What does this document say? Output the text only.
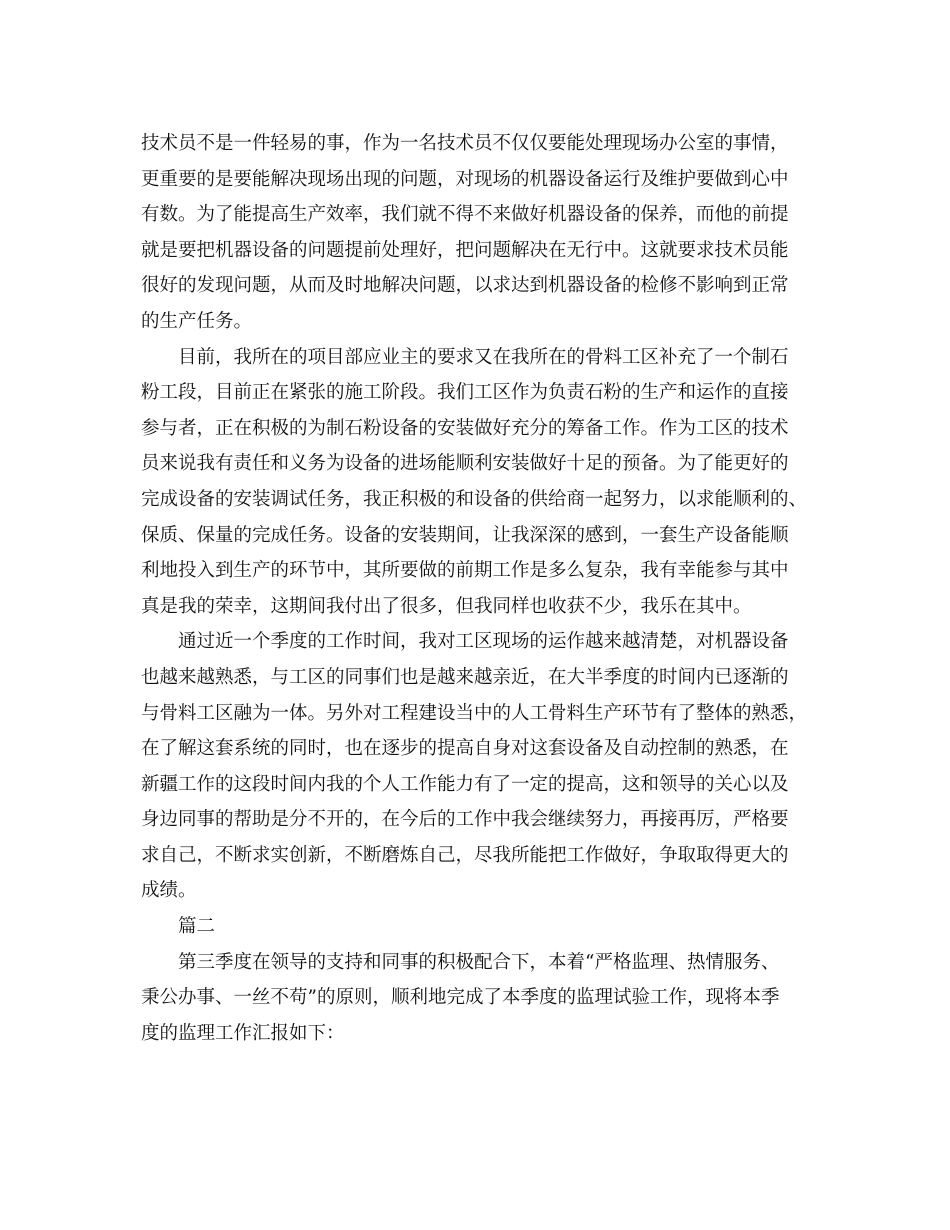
技术员不是一件轻易的事，作为一名技术员不仅仅要能处理现场办公室的事情，
更重要的是要能解决现场出现的问题，对现场的机器设备运行及维护要做到心中
有数。为了能提高生产效率，我们就不得不来做好机器设备的保养，而他的前提
就是要把机器设备的问题提前处理好，把问题解决在无行中。这就要求技术员能
很好的发现问题，从而及时地解决问题，以求达到机器设备的检修不影响到正常
的生产任务。
目前，我所在的项目部应业主的要求又在我所在的骨料工区补充了一个制石
粉工段，目前正在紧张的施工阶段。我们工区作为负责石粉的生产和运作的直接
参与者，正在积极的为制石粉设备的安装做好充分的筹备工作。作为工区的技术
员来说我有责任和义务为设备的进场能顺利安装做好十足的预备。为了能更好的
完成设备的安装调试任务，我正积极的和设备的供给商一起努力，以求能顺利的、
保质、保量的完成任务。设备的安装期间，让我深深的感到，一套生产设备能顺
利地投入到生产的环节中，其所要做的前期工作是多么复杂，我有幸能参与其中
真是我的荣幸，这期间我付出了很多，但我同样也收获不少，我乐在其中。
通过近一个季度的工作时间，我对工区现场的运作越来越清楚，对机器设备
也越来越熟悉，与工区的同事们也是越来越亲近，在大半季度的时间内已逐渐的
与骨料工区融为一体。另外对工程建设当中的人工骨料生产环节有了整体的熟悉，
在了解这套系统的同时，也在逐步的提高自身对这套设备及自动控制的熟悉，在
新疆工作的这段时间内我的个人工作能力有了一定的提高，这和领导的关心以及
身边同事的帮助是分不开的，在今后的工作中我会继续努力，再接再厉，严格要
求自己，不断求实创新，不断磨炼自己，尽我所能把工作做好，争取取得更大的
成绩。
篇二
第三季度在领导的支持和同事的积极配合下，本着“严格监理、热情服务、
秉公办事、一丝不苟”的原则，顺利地完成了本季度的监理试验工作，现将本季
度的监理工作汇报如下：
